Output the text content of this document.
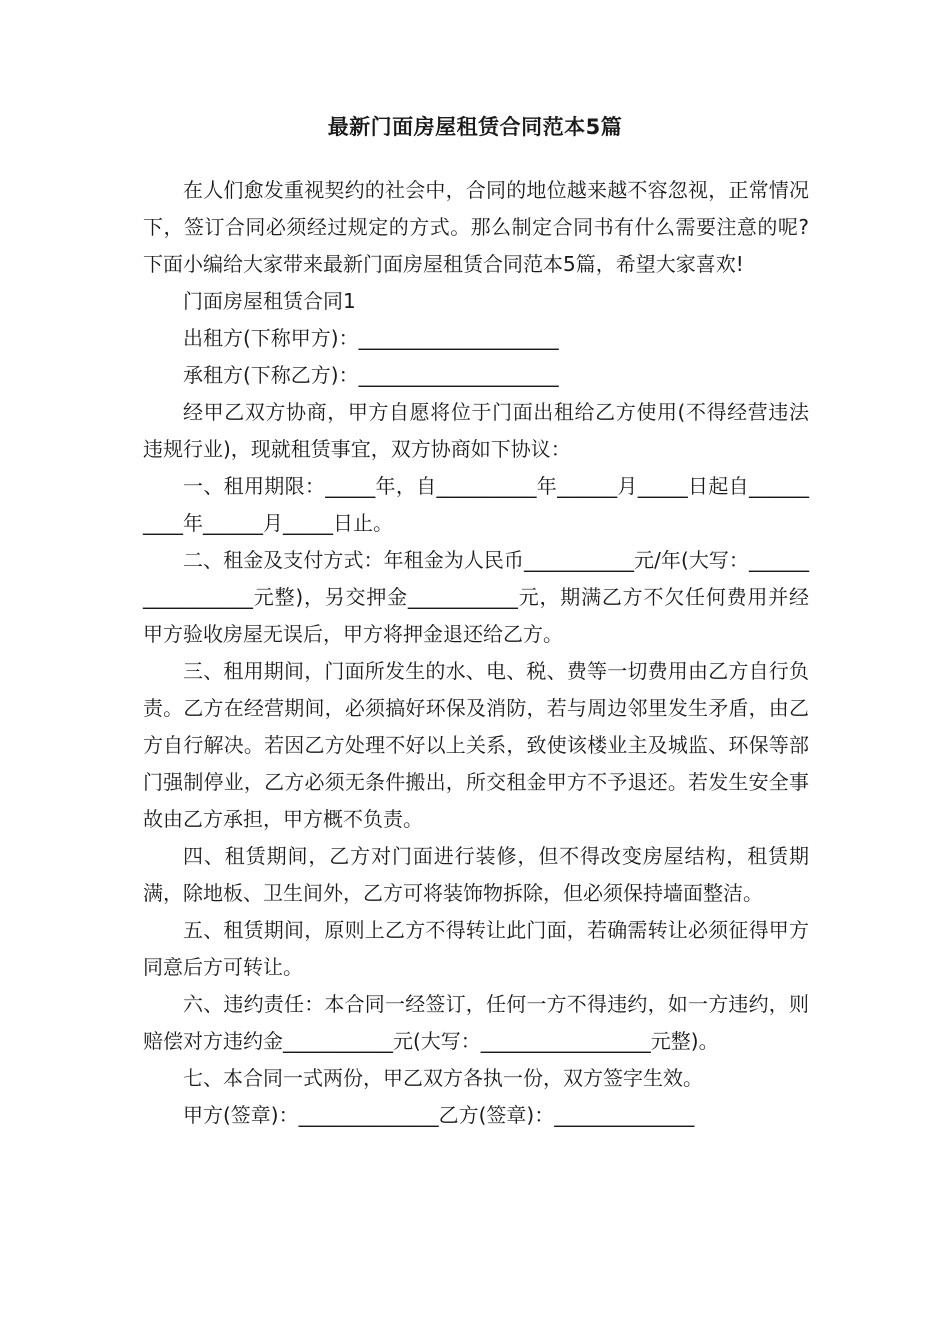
最新门面房屋租赁合同范本5篇

在人们愈发重视契约的社会中，合同的地位越来越不容忽视，正常情况下，签订合同必须经过规定的方式。那么制定合同书有什么需要注意的呢?下面小编给大家带来最新门面房屋租赁合同范本5篇，希望大家喜欢!

门面房屋租赁合同1

出租方(下称甲方)：____________________

承租方(下称乙方)：____________________

经甲乙双方协商，甲方自愿将位于门面出租给乙方使用(不得经营违法违规行业)，现就租赁事宜，双方协商如下协议：

一、租用期限：_____年，自__________年______月_____日起自__________年______月_____日止。

二、租金及支付方式：年租金为人民币___________元/年(大写：_________________元整)，另交押金___________元，期满乙方不欠任何费用并经甲方验收房屋无误后，甲方将押金退还给乙方。

三、租用期间，门面所发生的水、电、税、费等一切费用由乙方自行负责。乙方在经营期间，必须搞好环保及消防，若与周边邻里发生矛盾，由乙方自行解决。若因乙方处理不好以上关系，致使该楼业主及城监、环保等部门强制停业，乙方必须无条件搬出，所交租金甲方不予退还。若发生安全事故由乙方承担，甲方概不负责。

四、租赁期间，乙方对门面进行装修，但不得改变房屋结构，租赁期满，除地板、卫生间外，乙方可将装饰物拆除，但必须保持墙面整洁。

五、租赁期间，原则上乙方不得转让此门面，若确需转让必须征得甲方同意后方可转让。

六、违约责任：本合同一经签订，任何一方不得违约，如一方违约，则赔偿对方违约金___________元(大写：_________________元整)。

七、本合同一式两份，甲乙双方各执一份，双方签字生效。

甲方(签章)：______________乙方(签章)：______________
